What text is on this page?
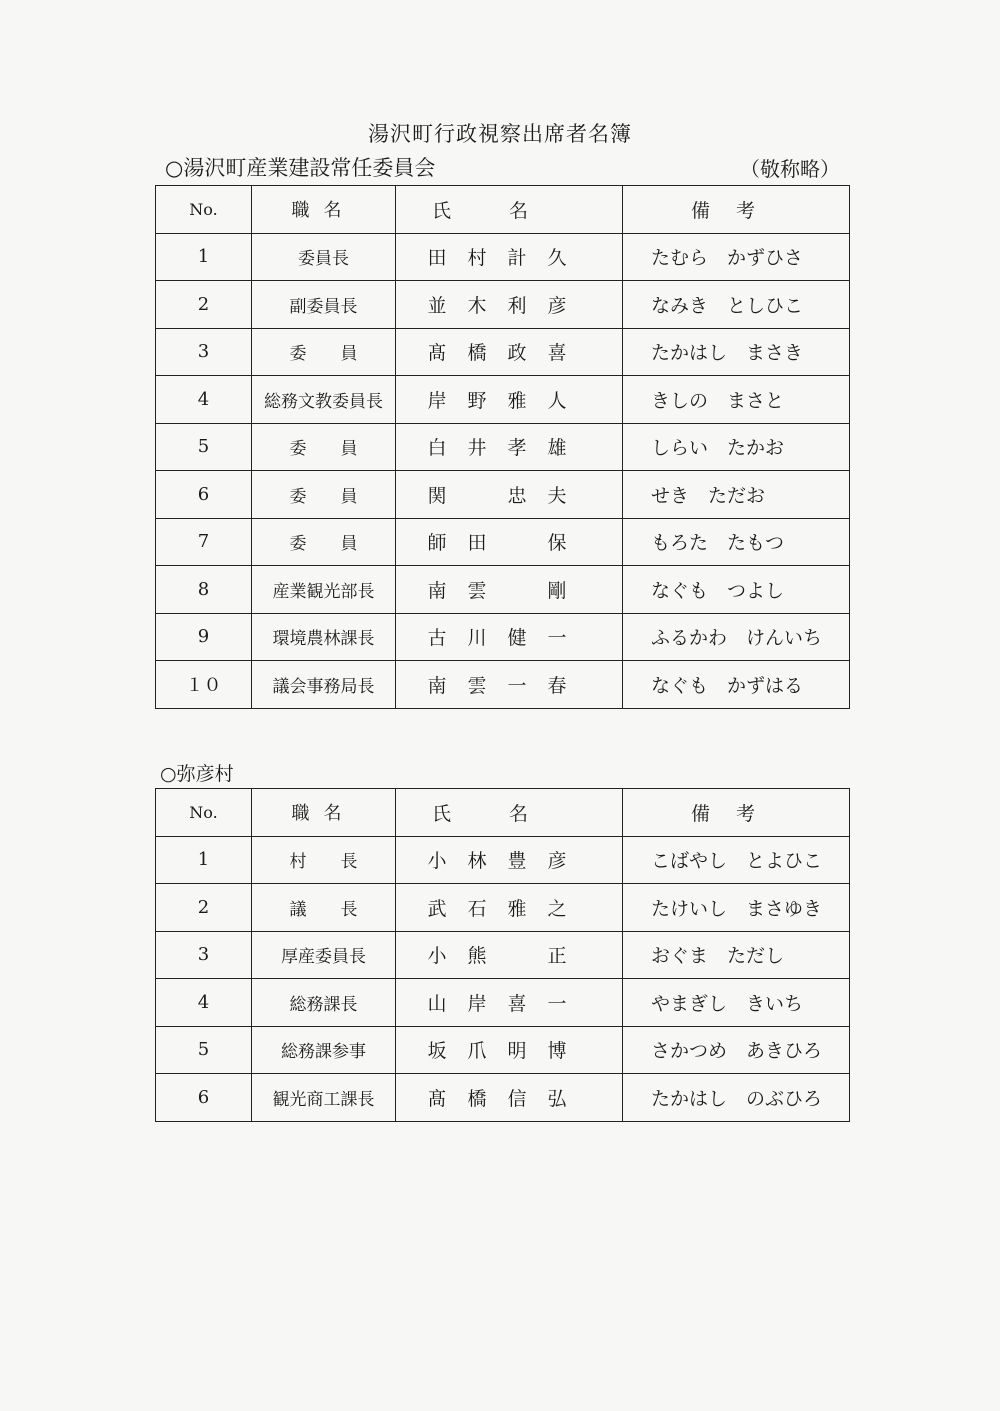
湯沢町行政視察出席者名簿
○湯沢町産業建設常任委員会	（敬称略）
No.	職名	氏名	備考
1	委員長	田 村 計 久	たむら　かずひさ
2	副委員長	並 木 利 彦	なみき　としひこ
3	委　　員	髙 橋 政 喜	たかはし　まさき
4	総務文教委員長	岸 野 雅 人	きしの　まさと
5	委　　員	白 井 孝 雄	しらい　たかお
6	委　　員	関 忠 夫	せき　ただお
7	委　　員	師 田 保	もろた　たもつ
8	産業観光部長	南 雲 剛	なぐも　つよし
9	環境農林課長	古 川 健 一	ふるかわ　けんいち
１０	議会事務局長	南 雲 一 春	なぐも　かずはる
○弥彦村
No.	職名	氏名	備考
1	村　　長	小 林 豊 彦	こばやし　とよひこ
2	議　　長	武 石 雅 之	たけいし　まさゆき
3	厚産委員長	小 熊 正	おぐま　ただし
4	総務課長	山 岸 喜 一	やまぎし　きいち
5	総務課参事	坂 爪 明 博	さかつめ　あきひろ
6	観光商工課長	髙 橋 信 弘	たかはし　のぶひろ
